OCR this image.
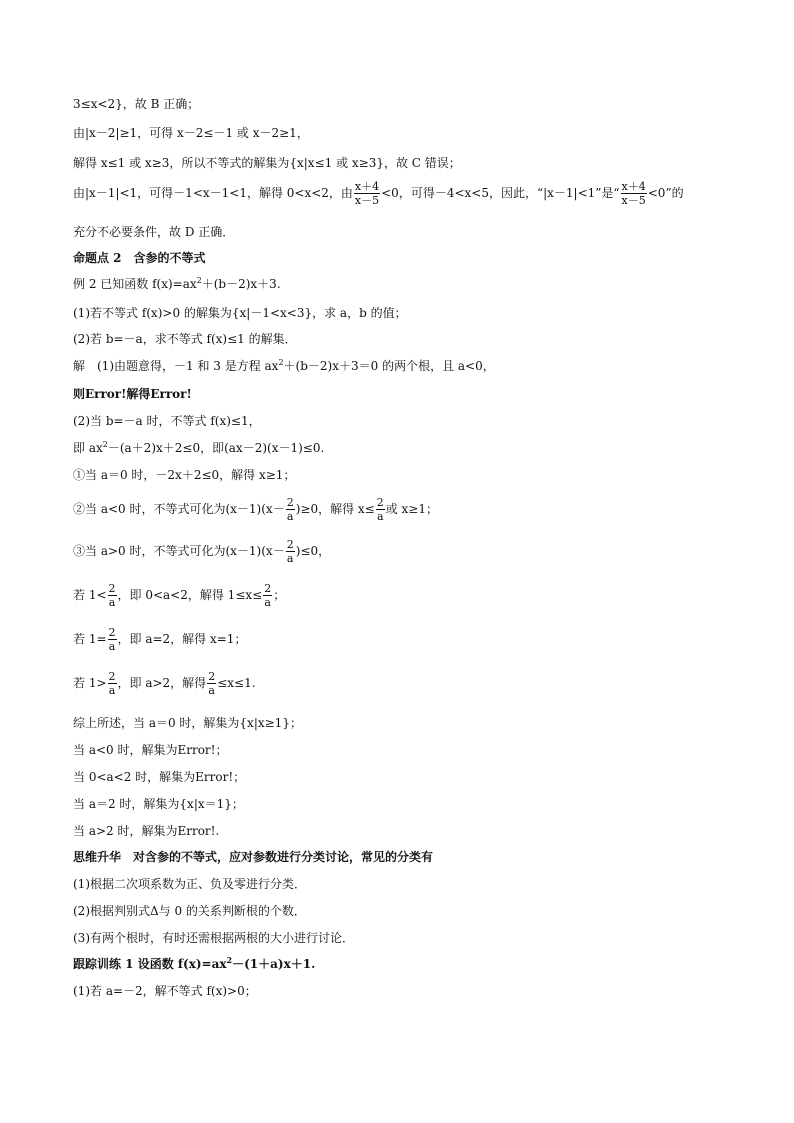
3≤x<2}，故 B 正确；
由|x－2|≥1，可得 x－2≤－1 或 x－2≥1，
解得 x≤1 或 x≥3，所以不等式的解集为{x|x≤1 或 x≥3}，故 C 错误；
由|x－1|<1，可得－1<x－1<1，解得 0<x<2，由 $\frac{x+4}{x-5} <0$，可得－4<x<5，因此，“|x－1|<1”是“ $\frac{x+4}{x-5} <0$”的
充分不必要条件，故 D 正确．
命题点 2　含参的不等式
例 2 已知函数 $f(x)=ax^2+(b-2)x+3$.
(1)若不等式 f(x)>0 的解集为{x|－1<x<3}，求 a，b 的值；
(2)若 b=－a，求不等式 f(x)≤1 的解集．
解　(1)由题意得，－1 和 3 是方程 $ax^2+(b-2)x+3=0$ 的两个根，且 a<0，
则Error!解得Error!
(2)当 b=－a 时，不等式 f(x)≤1，
即 $ax^2-(a+2)x+2\le 0$，即(ax－2)(x－1)≤0.
①当 a＝0 时，－2x＋2≤0，解得 x≥1；
②当 a<0 时，不等式可化为$(x-1)(x- \frac{2}{a} )\ge 0$，解得 $x\le \frac{2}{a}$ 或 x≥1；
③当 a>0 时，不等式可化为$(x-1)(x- \frac{2}{a} )\le 0$，
若 $1< \frac{2}{a}$ ，即 0<a<2，解得 $1\le x\le \frac{2}{a}$ ；
若 $1= \frac{2}{a}$ ，即 a=2，解得 x=1；
若 $1> \frac{2}{a}$ ，即 a>2，解得 $\frac{2}{a} \le x\le 1$.
综上所述，当 a＝0 时，解集为{x|x≥1}；
当 a<0 时，解集为Error!；
当 0<a<2 时，解集为Error!；
当 a＝2 时，解集为{x|x＝1}；
当 a>2 时，解集为Error!.
思维升华　对含参的不等式，应对参数进行分类讨论，常见的分类有
(1)根据二次项系数为正、负及零进行分类．
(2)根据判别式Δ与 0 的关系判断根的个数．
(3)有两个根时，有时还需根据两根的大小进行讨论．
跟踪训练 1 设函数 $f(x)=ax^2-(1+a)x+1$.
(1)若 a=－2，解不等式 f(x)>0；
